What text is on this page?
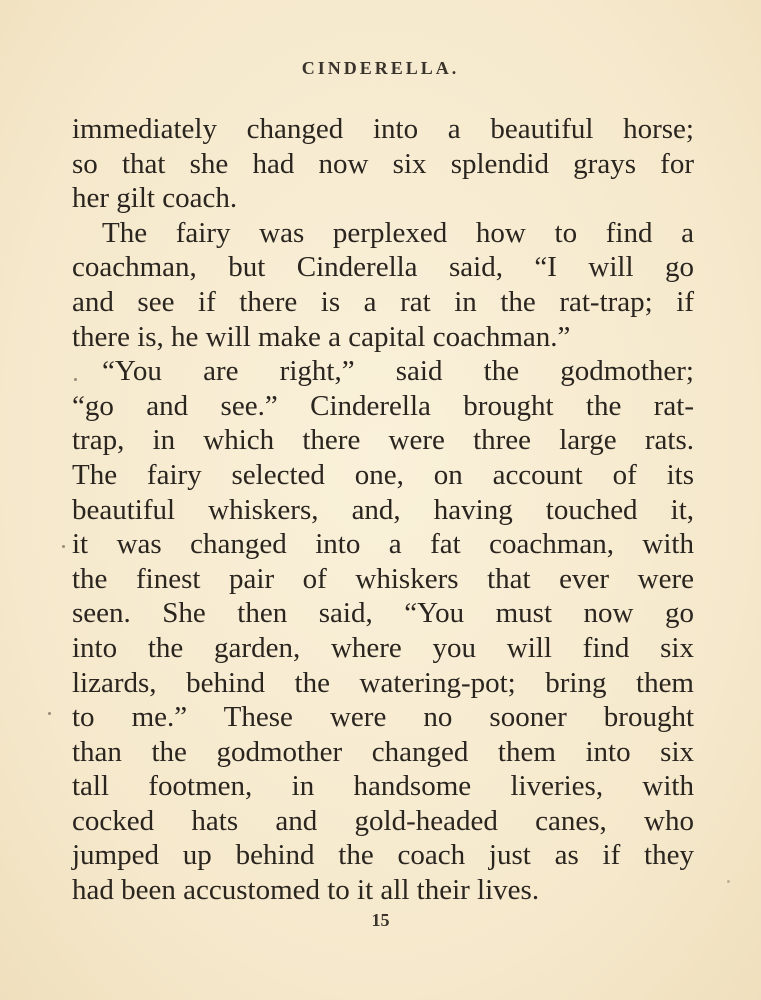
CINDERELLA.
immediately changed into a beautiful horse;
so that she had now six splendid grays for
her gilt coach.
The fairy was perplexed how to find a
coachman, but Cinderella said, “I will go
and see if there is a rat in the rat-trap; if
there is, he will make a capital coachman.”
“You are right,” said the godmother;
“go and see.” Cinderella brought the rat-
trap, in which there were three large rats.
The fairy selected one, on account of its
beautiful whiskers, and, having touched it,
it was changed into a fat coachman, with
the finest pair of whiskers that ever were
seen. She then said, “You must now go
into the garden, where you will find six
lizards, behind the watering-pot; bring them
to me.” These were no sooner brought
than the godmother changed them into six
tall footmen, in handsome liveries, with
cocked hats and gold-headed canes, who
jumped up behind the coach just as if they
had been accustomed to it all their lives.
15
